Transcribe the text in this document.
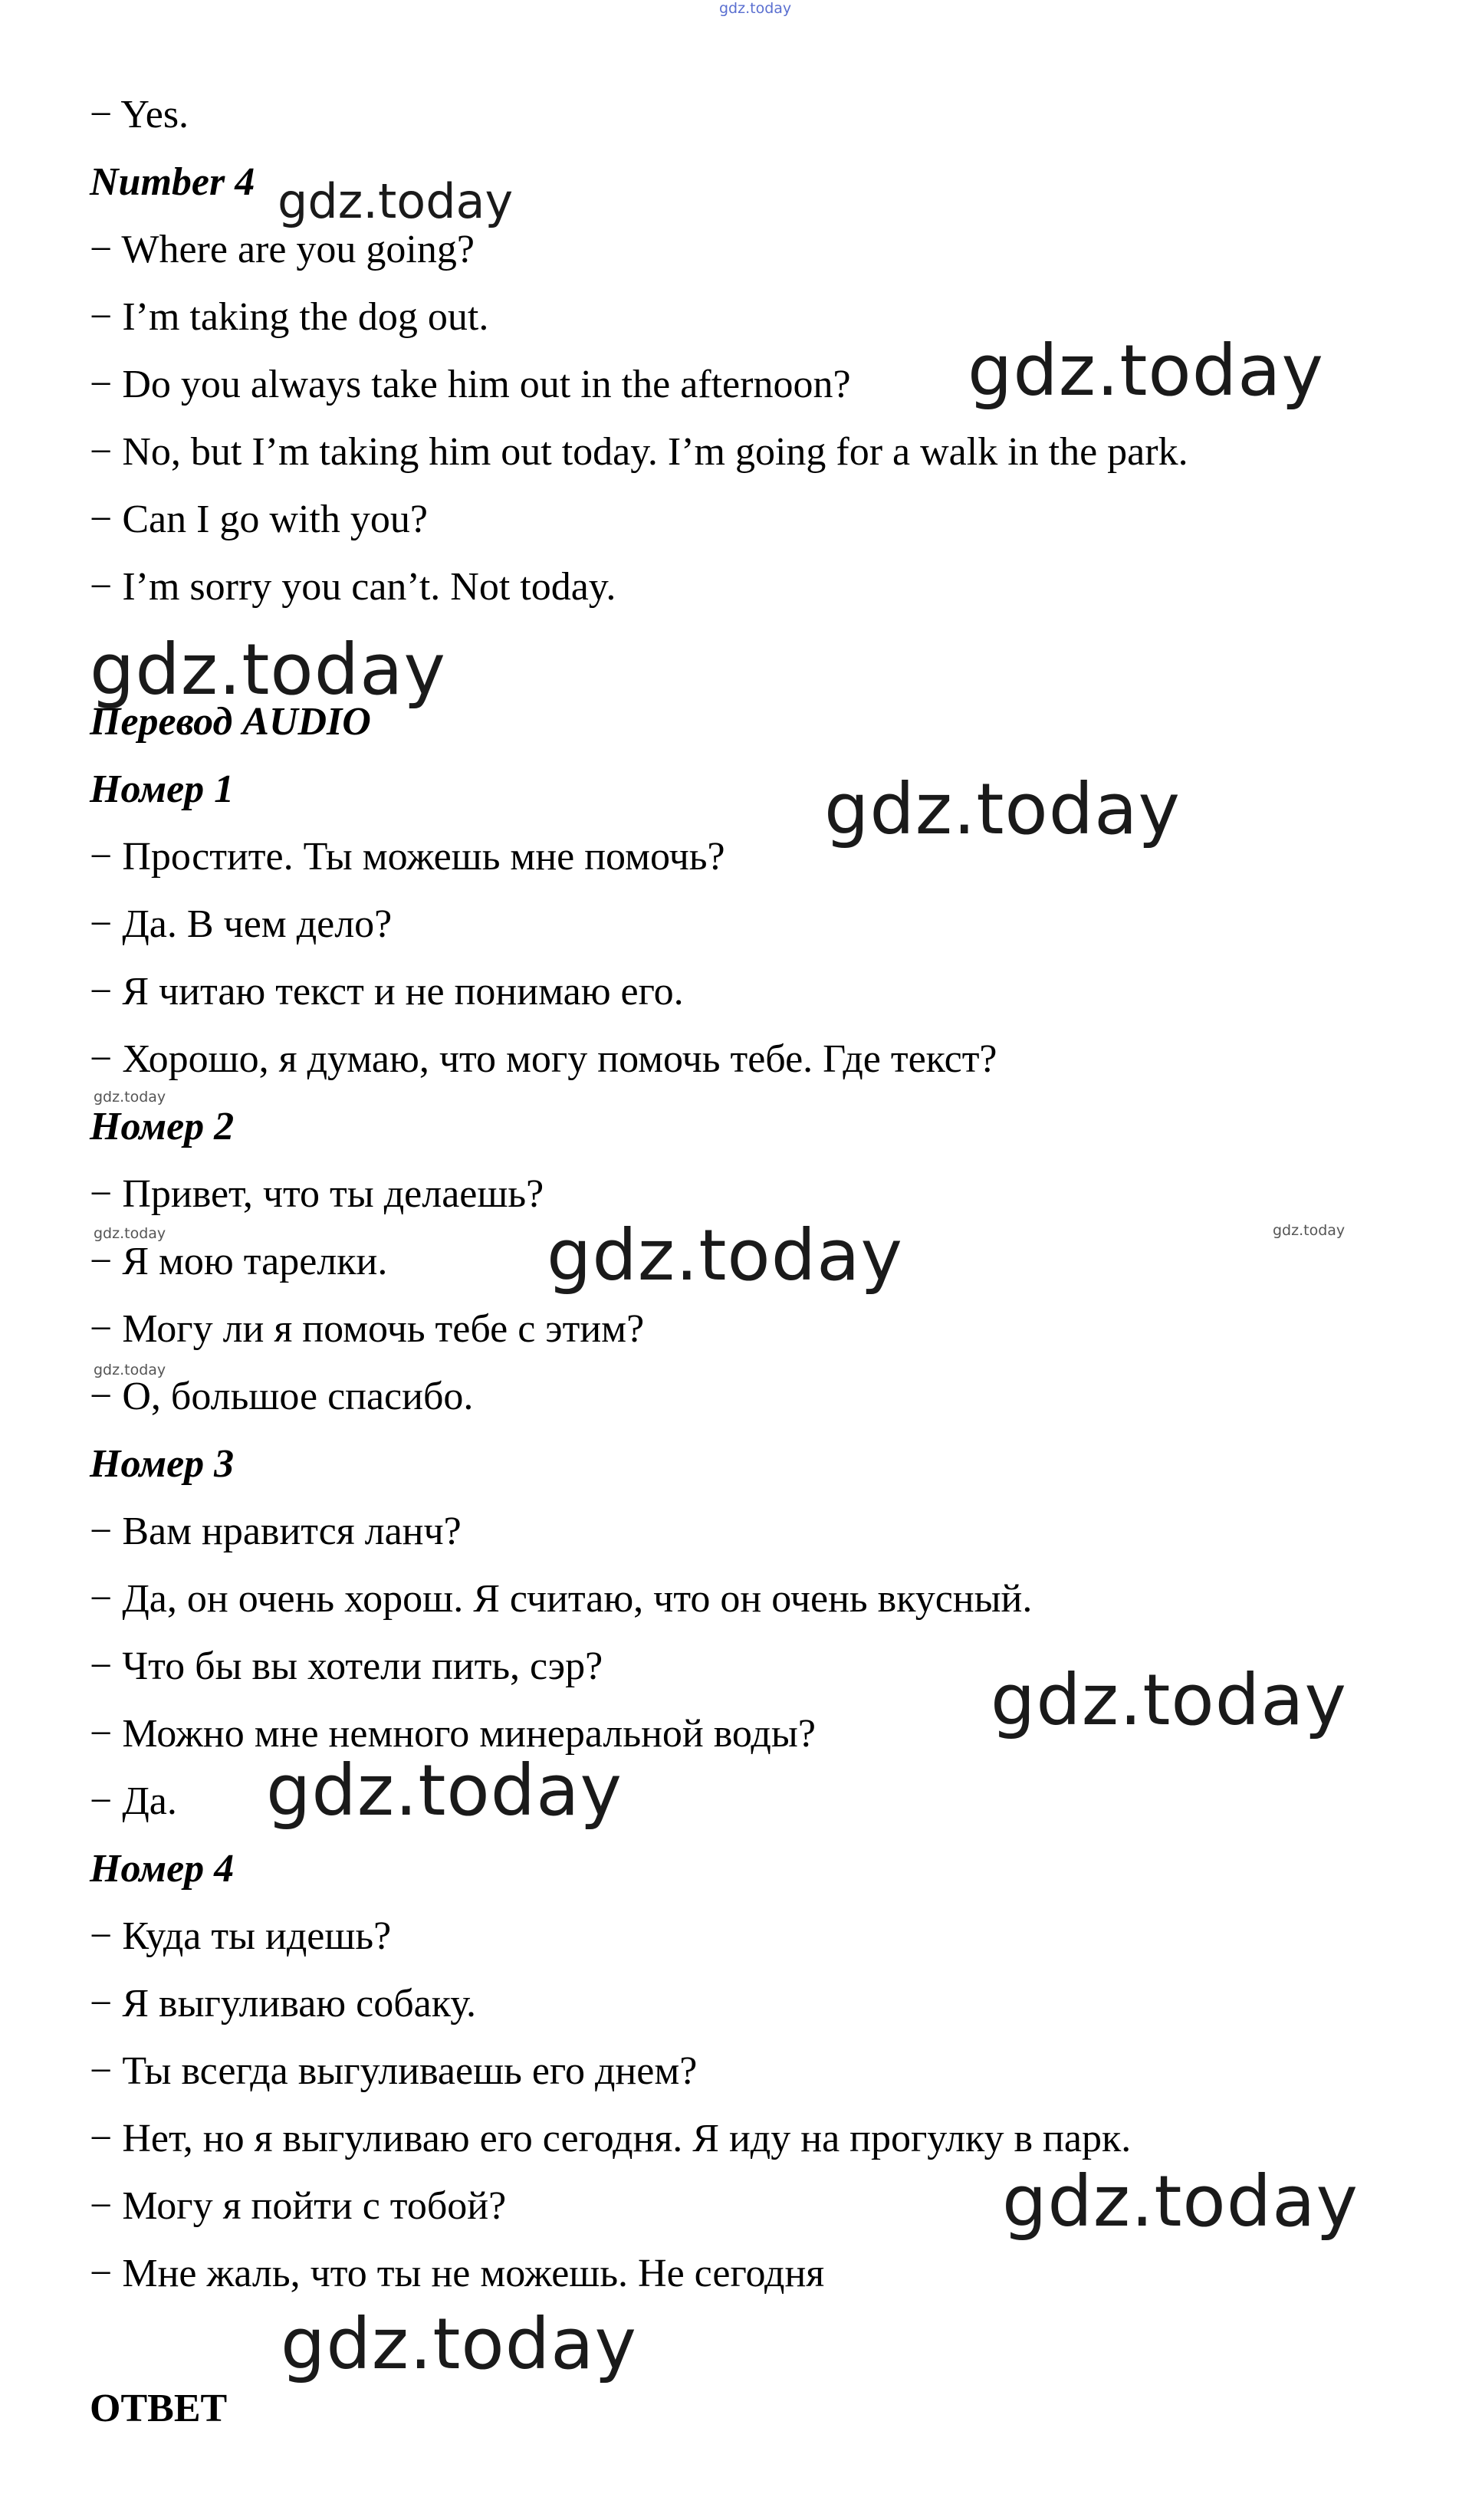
− Yes.

Number 4

− Where are you going?

− I’m taking the dog out.

− Do you always take him out in the afternoon?

− No, but I’m taking him out today. I’m going for a walk in the park.

− Can I go with you?

− I’m sorry you can’t. Not today.

Перевод AUDIO

Номер 1

− Простите. Ты можешь мне помочь?

− Да. В чем дело?

− Я читаю текст и не понимаю его.

− Хорошо, я думаю, что могу помочь тебе. Где текст?

Номер 2

− Привет, что ты делаешь?

− Я мою тарелки.

− Могу ли я помочь тебе с этим?

− О, большое спасибо.

Номер 3

− Вам нравится ланч?

− Да, он очень хорош. Я считаю, что он очень вкусный.

− Что бы вы хотели пить, сэр?

− Можно мне немного минеральной воды?

− Да.

Номер 4

− Куда ты идешь?

− Я выгуливаю собаку.

− Ты всегда выгуливаешь его днем?

− Нет, но я выгуливаю его сегодня. Я иду на прогулку в парк.

− Могу я пойти с тобой?

− Мне жаль, что ты не можешь. Не сегодня

ОТВЕТ

gdz.today
gdz.today
gdz.today
gdz.today
gdz.today
gdz.today
gdz.today	gdz.today
gdz.today
gdz.today
gdz.today
gdz.today
gdz.today
gdz.today
